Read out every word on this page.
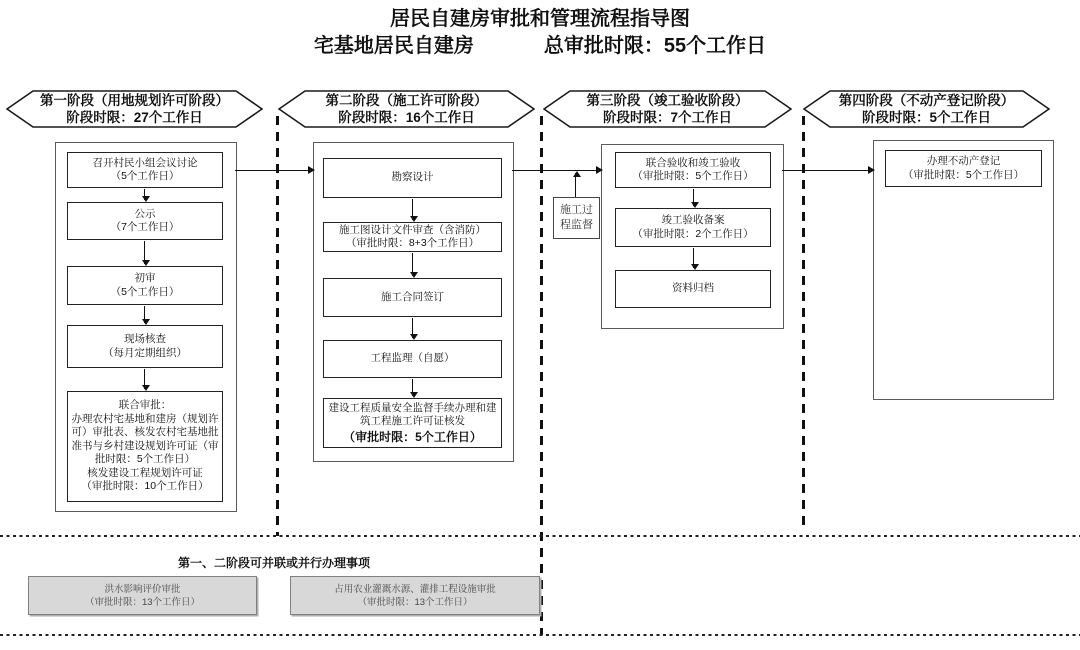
居民自建房审批和管理流程指导图
宅基地居民自建房	总审批时限：55个工作日
第一阶段（用地规划许可阶段）
阶段时限：27个工作日
第二阶段（施工许可阶段）
阶段时限：16个工作日
第三阶段（竣工验收阶段）
阶段时限：7个工作日
第四阶段（不动产登记阶段）
阶段时限：5个工作日
召开村民小组会议讨论
（5个工作日）
公示
（7个工作日）
初审
（5个工作日）
现场核查
（每月定期组织）
联合审批：
办理农村宅基地和建房（规划许可）审批表、核发农村宅基地批准书与乡村建设规划许可证（审批时限：5个工作日）
核发建设工程规划许可证
（审批时限：10个工作日）
勘察设计
施工图设计文件审查（含消防）
（审批时限：8+3个工作日）
施工合同签订
工程监理（自愿）
建设工程质量安全监督手续办理和建筑工程施工许可证核发
（审批时限：5个工作日）
联合验收和竣工验收
（审批时限：5个工作日）
竣工验收备案
（审批时限：2个工作日）
资料归档
办理不动产登记
（审批时限：5个工作日）
施工过
程监督
第一、二阶段可并联或并行办理事项
洪水影响评价审批
（审批时限：13个工作日）
占用农业灌溉水源、灌排工程设施审批
（审批时限：13个工作日）
